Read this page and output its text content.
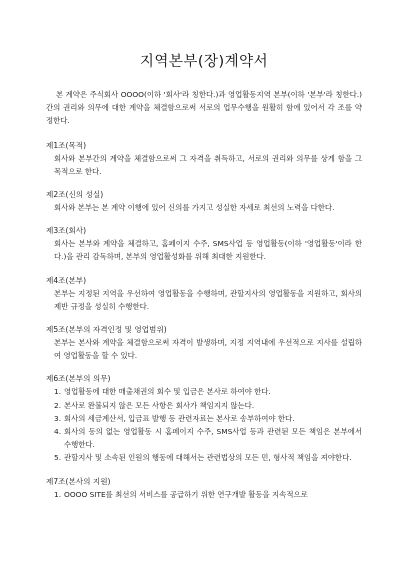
지역본부(장)계약서

본 계약은 주식회사 OOOO(이하 '회사'라 칭한다.)과 영업활동지역 본부(이하 '본부'라 칭한다.)간의 권리와 의무에 대한 계약을 체결함으로써 서로의 업무수행을 원활히 함에 있어서 각 조를 약정한다.

제1조(목적)

회사와 본부간의 계약을 체결함으로써 그 자격을 취득하고, 서로의 권리와 의무를 상게 함을 그 목적으로 한다.

제2조(신의 성실)

회사와 본부는 본 계약 이행에 있어 신의를 가지고 성실한 자세로 최선의 노력을 다한다.

제3조(회사)

회사는 본부와 계약을 체결하고, 홈페이지 수주, SMS사업 등 영업활동(이하 '영업활동'이라 한다.)을 관리 감독하며, 본부의 영업활성화를 위해 최대한 지원한다.

제4조(본부)

본부는 지정된 지역을 우선하여 영업활동을 수행하며, 관할지사의 영업활동을 지원하고, 회사의 제반 규정을 성실히 수행한다.

제5조(본부의 자격인정 및 영업범위)

본부는 본사와 계약을 체결함으로써 자격이 발생하며, 지정 지역내에 우선적으로 지사를 설립하여 영업활동을 할 수 있다.

제6조(본부의 의무)

1. 영업활동에 대한 매출채권의 회수 및 입금은 본사로 하여야 한다.
2. 본사로 완불되지 않은 모든 사항은 회사가 책임지지 않는다.
3. 회사의 세금계산서, 입금표 발행 등 관련자료는 본사로 송부하여야 한다.
4. 회사의 동의 없는 영업활동 시 홈페이지 수주, SMS사업 등과 관련된 모든 책임은 본부에서 수행한다.
5. 관할지사 및 소속된 인원의 행동에 대해서는 관련법상의 모든 민, 형사적 책임을 져야한다.

제7조(본사의 지원)

1. OOOO SITE를 최선의 서비스를 공급하기 위한 연구개발 활동을 지속적으로
